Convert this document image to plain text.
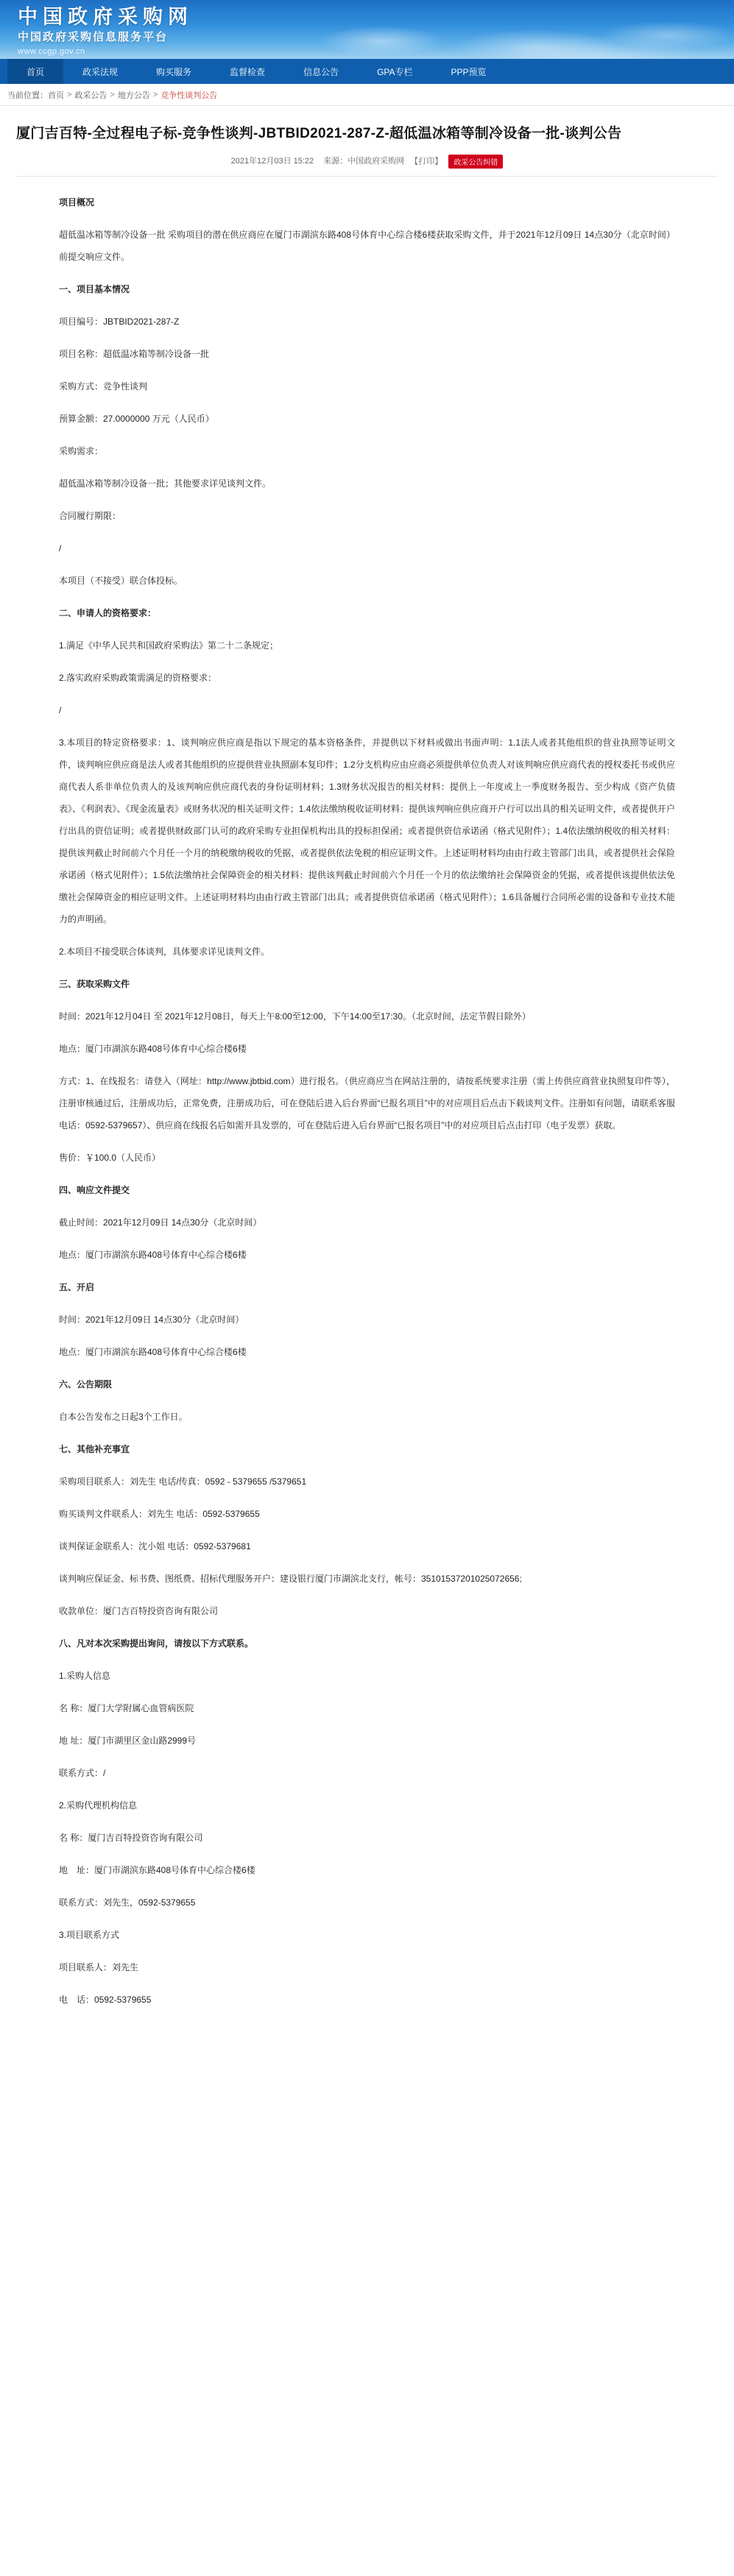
中国政府采购网
中国政府采购信息服务平台
www.ccgp.gov.cn
首页	政采法规	购买服务	监督检查	信息公告	GPA专栏	PPP预览
当前位置： 首页 > 政采公告 > 地方公告 > 竞争性谈判公告
厦门吉百特-全过程电子标-竞争性谈判-JBTBID2021-287-Z-超低温冰箱等制冷设备一批-谈判公告
2021年12月03日 15:22 来源：中国政府采购网 【打印】 政采公告纠错

项目概况

超低温冰箱等制冷设备一批 采购项目的潜在供应商应在厦门市湖滨东路408号体育中心综合楼6楼获取采购文件，并于2021年12月09日 14点30分（北京时间）前提交响应文件。

一、项目基本情况

项目编号：JBTBID2021-287-Z

项目名称：超低温冰箱等制冷设备一批

采购方式：竞争性谈判

预算金额：27.0000000 万元（人民币）

采购需求：

超低温冰箱等制冷设备一批；其他要求详见谈判文件。

合同履行期限：

/

本项目（不接受）联合体投标。

二、申请人的资格要求：

1.满足《中华人民共和国政府采购法》第二十二条规定；

2.落实政府采购政策需满足的资格要求：

/

3.本项目的特定资格要求：1、谈判响应供应商是指以下规定的基本资格条件，并提供以下材料或做出书面声明：1.1法人或者其他组织的营业执照等证明文件，谈判响应供应商是法人或者其他组织的应提供营业执照副本复印件；1.2分支机构应由应商必须提供单位负责人对该判响应供应商代表的授权委托书或供应商代表人系非单位负责人的及该判响应供应商代表的身份证明材料；1.3财务状况报告的相关材料：提供上一年度或上一季度财务报告、至少构成《资产负债表》、《利润表》、《现金流量表》或财务状况的相关证明文件；1.4依法缴纳税收证明材料：提供该判响应供应商开户行可以出具的相关证明文件，或者提供开户行出具的资信证明；或者提供财政部门认可的政府采购专业担保机构出具的投标担保函；或者提供资信承诺函（格式见附件）；1.4依法缴纳税收的相关材料：提供该判截止时间前六个月任一个月的纳税缴纳税收的凭据，或者提供依法免税的相应证明文件。上述证明材料均由由行政主管部门出具，或者提供社会保险承诺函（格式见附件）；1.5依法缴纳社会保障资金的相关材料：提供该判截止时间前六个月任一个月的依法缴纳社会保障资金的凭据，或者提供该提供依法免缴社会保障资金的相应证明文件。上述证明材料均由由行政主管部门出具；或者提供资信承诺函（格式见附件）；1.6具备履行合同所必需的设备和专业技术能力的声明函。

2.本项目不接受联合体谈判，具体要求详见谈判文件。

三、获取采购文件

时间：2021年12月04日 至 2021年12月08日，每天上午8:00至12:00，下午14:00至17:30。（北京时间，法定节假日除外）

地点：厦门市湖滨东路408号体育中心综合楼6楼

方式：1、在线报名：请登入（网址：http://www.jbtbid.com）进行报名。（供应商应当在网站注册的，请按系统要求注册（需上传供应商营业执照复印件等），注册审核通过后，注册成功后，正常免费，注册成功后，可在登陆后进入后台界面“已报名项目”中的对应项目后点击下载谈判文件。注册如有问题，请联系客服电话：0592-5379657）、供应商在线报名后如需开具发票的，可在登陆后进入后台界面“已报名项目”中的对应项目后点击打印（电子发票）获取。

售价：￥100.0（人民币）

四、响应文件提交

截止时间：2021年12月09日 14点30分（北京时间）

地点：厦门市湖滨东路408号体育中心综合楼6楼

五、开启

时间：2021年12月09日 14点30分（北京时间）

地点：厦门市湖滨东路408号体育中心综合楼6楼

六、公告期限

自本公告发布之日起3个工作日。

七、其他补充事宜

采购项目联系人：刘先生 电话/传真：0592 - 5379655 /5379651

购买谈判文件联系人：刘先生 电话：0592-5379655

谈判保证金联系人：沈小姐 电话：0592-5379681

谈判响应保证金、标书费、图纸费、招标代理服务开户：建设银行厦门市湖滨北支行，帐号：35101537201025072656;

收款单位：厦门吉百特投资咨询有限公司

八、凡对本次采购提出询问，请按以下方式联系。

1.采购人信息

名 称：厦门大学附属心血管病医院

地 址：厦门市湖里区金山路2999号

联系方式：/

2.采购代理机构信息

名 称：厦门吉百特投资咨询有限公司

地　址：厦门市湖滨东路408号体育中心综合楼6楼

联系方式：刘先生，0592-5379655

3.项目联系方式

项目联系人：刘先生

电　话：0592-5379655
